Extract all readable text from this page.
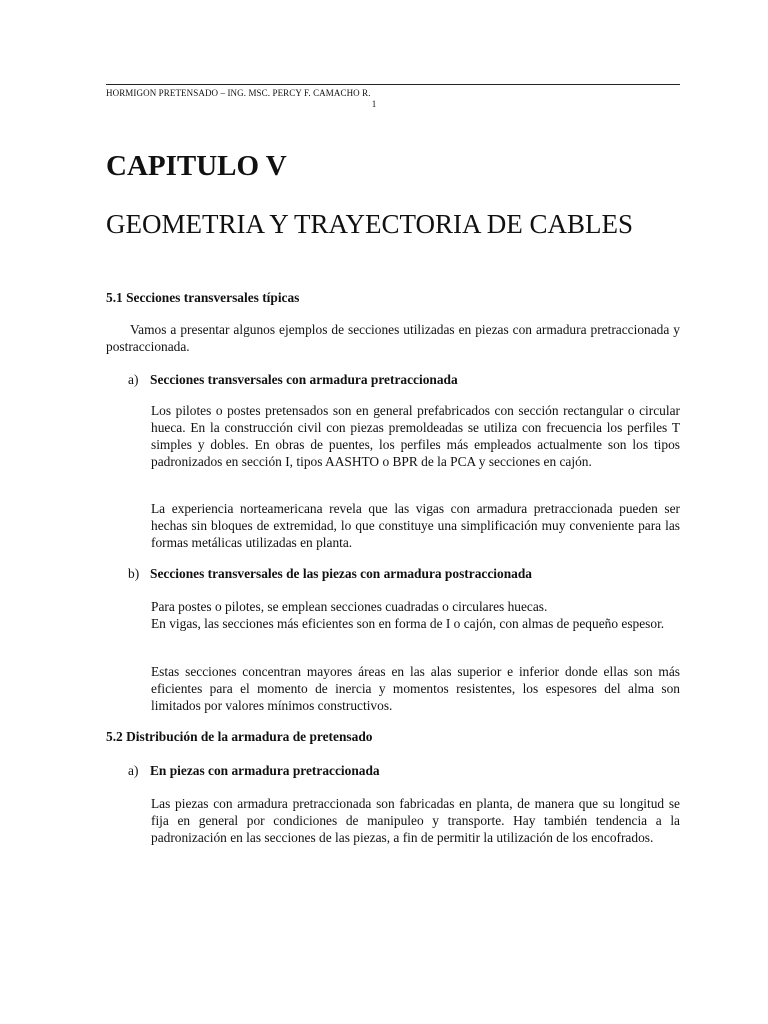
HORMIGON PRETENSADO – ING. MSC. PERCY F. CAMACHO R.
1
CAPITULO V
GEOMETRIA Y TRAYECTORIA DE CABLES
5.1 Secciones transversales típicas
Vamos a presentar algunos ejemplos de secciones utilizadas en piezas con armadura pretraccionada y postraccionada.
a) Secciones transversales con armadura pretraccionada
Los pilotes o postes pretensados son en general prefabricados con sección rectangular o circular hueca. En la construcción civil con piezas premoldeadas se utiliza con frecuencia los perfiles T simples y dobles. En obras de puentes, los perfiles más empleados actualmente son los tipos padronizados en sección I, tipos AASHTO o BPR de la PCA y secciones en cajón.
La experiencia norteamericana revela que las vigas con armadura pretraccionada pueden ser hechas sin bloques de extremidad, lo que constituye una simplificación muy conveniente para las formas metálicas utilizadas en planta.
b) Secciones transversales de las piezas con armadura postraccionada
Para postes o pilotes, se emplean secciones cuadradas o circulares huecas.
En vigas, las secciones más eficientes son en forma de I o cajón, con almas de pequeño espesor.
Estas secciones concentran mayores áreas en las alas superior e inferior donde ellas son más eficientes para el momento de inercia y momentos resistentes, los espesores del alma son limitados por valores mínimos constructivos.
5.2 Distribución de la armadura de pretensado
a) En piezas con armadura pretraccionada
Las piezas con armadura pretraccionada son fabricadas en planta, de manera que su longitud se fija en general por condiciones de manipuleo y transporte. Hay también tendencia a la padronización en las secciones de las piezas, a fin de permitir la utilización de los encofrados.
